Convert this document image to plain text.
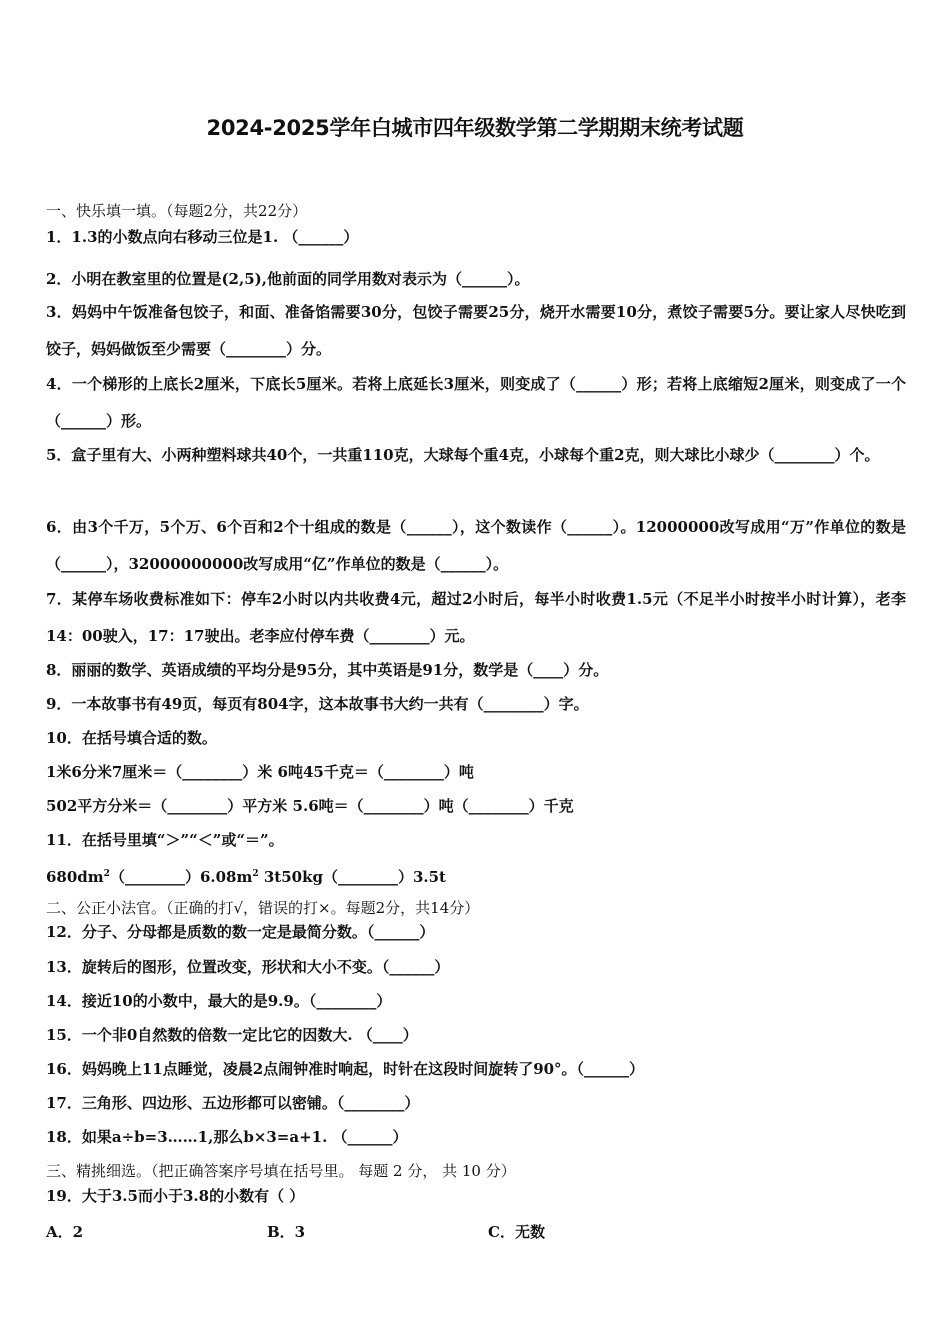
2024-2025学年白城市四年级数学第二学期期末统考试题
一、快乐填一填。（每题2分，共22分）
1．1.3的小数点向右移动三位是1. （______）
2．小明在教室里的位置是(2,5),他前面的同学用数对表示为（______）。
3．妈妈中午饭准备包饺子，和面、准备馅需要30分，包饺子需要25分，烧开水需要10分，煮饺子需要5分。要让家人尽快吃到饺子，妈妈做饭至少需要（________）分。
4．一个梯形的上底长2厘米，下底长5厘米。若将上底延长3厘米，则变成了（______）形；若将上底缩短2厘米，则变成了一个（______）形。
5．盒子里有大、小两种塑料球共40个，一共重110克，大球每个重4克，小球每个重2克，则大球比小球少（________）个。
6．由3个千万，5个万、6个百和2个十组成的数是（______），这个数读作（______）。12000000改写成用“万”作单位的数是（______），32000000000改写成用“亿”作单位的数是（______）。
7．某停车场收费标准如下：停车2小时以内共收费4元，超过2小时后，每半小时收费1.5元（不足半小时按半小时计算），老李14：00驶入，17：17驶出。老李应付停车费（________）元。
8．丽丽的数学、英语成绩的平均分是95分，其中英语是91分，数学是（____）分。
9．一本故事书有49页，每页有804字，这本故事书大约一共有（________）字。
10．在括号填合适的数。
1米6分米7厘米＝（________）米 6吨45千克＝（________）吨
502平方分米＝（________）平方米 5.6吨＝（________）吨（________）千克
11．在括号里填“＞”“＜”或“＝”。
$680dm^2(\_\_\_\_\_\_\_\_)6.08m^2$ 3t50kg（________）3.5t
二、公正小法官。（正确的打√，错误的打×。每题2分，共14分）
12．分子、分母都是质数的数一定是最简分数。（______）
13．旋转后的图形，位置改变，形状和大小不变。（______）
14．接近10的小数中，最大的是9.9。（________）
15．一个非0自然数的倍数一定比它的因数大. （____）
16．妈妈晚上11点睡觉，凌晨2点闹钟准时响起，时针在这段时间旋转了90°。（______）
17．三角形、四边形、五边形都可以密铺。（________）
18．如果a÷b=3……1,那么b×3=a+1. （______）
三、精挑细选。（把正确答案序号填在括号里。 每题 2 分， 共 10 分）
19．大于3.5而小于3.8的小数有（ ）
A．2	B．3	C．无数
